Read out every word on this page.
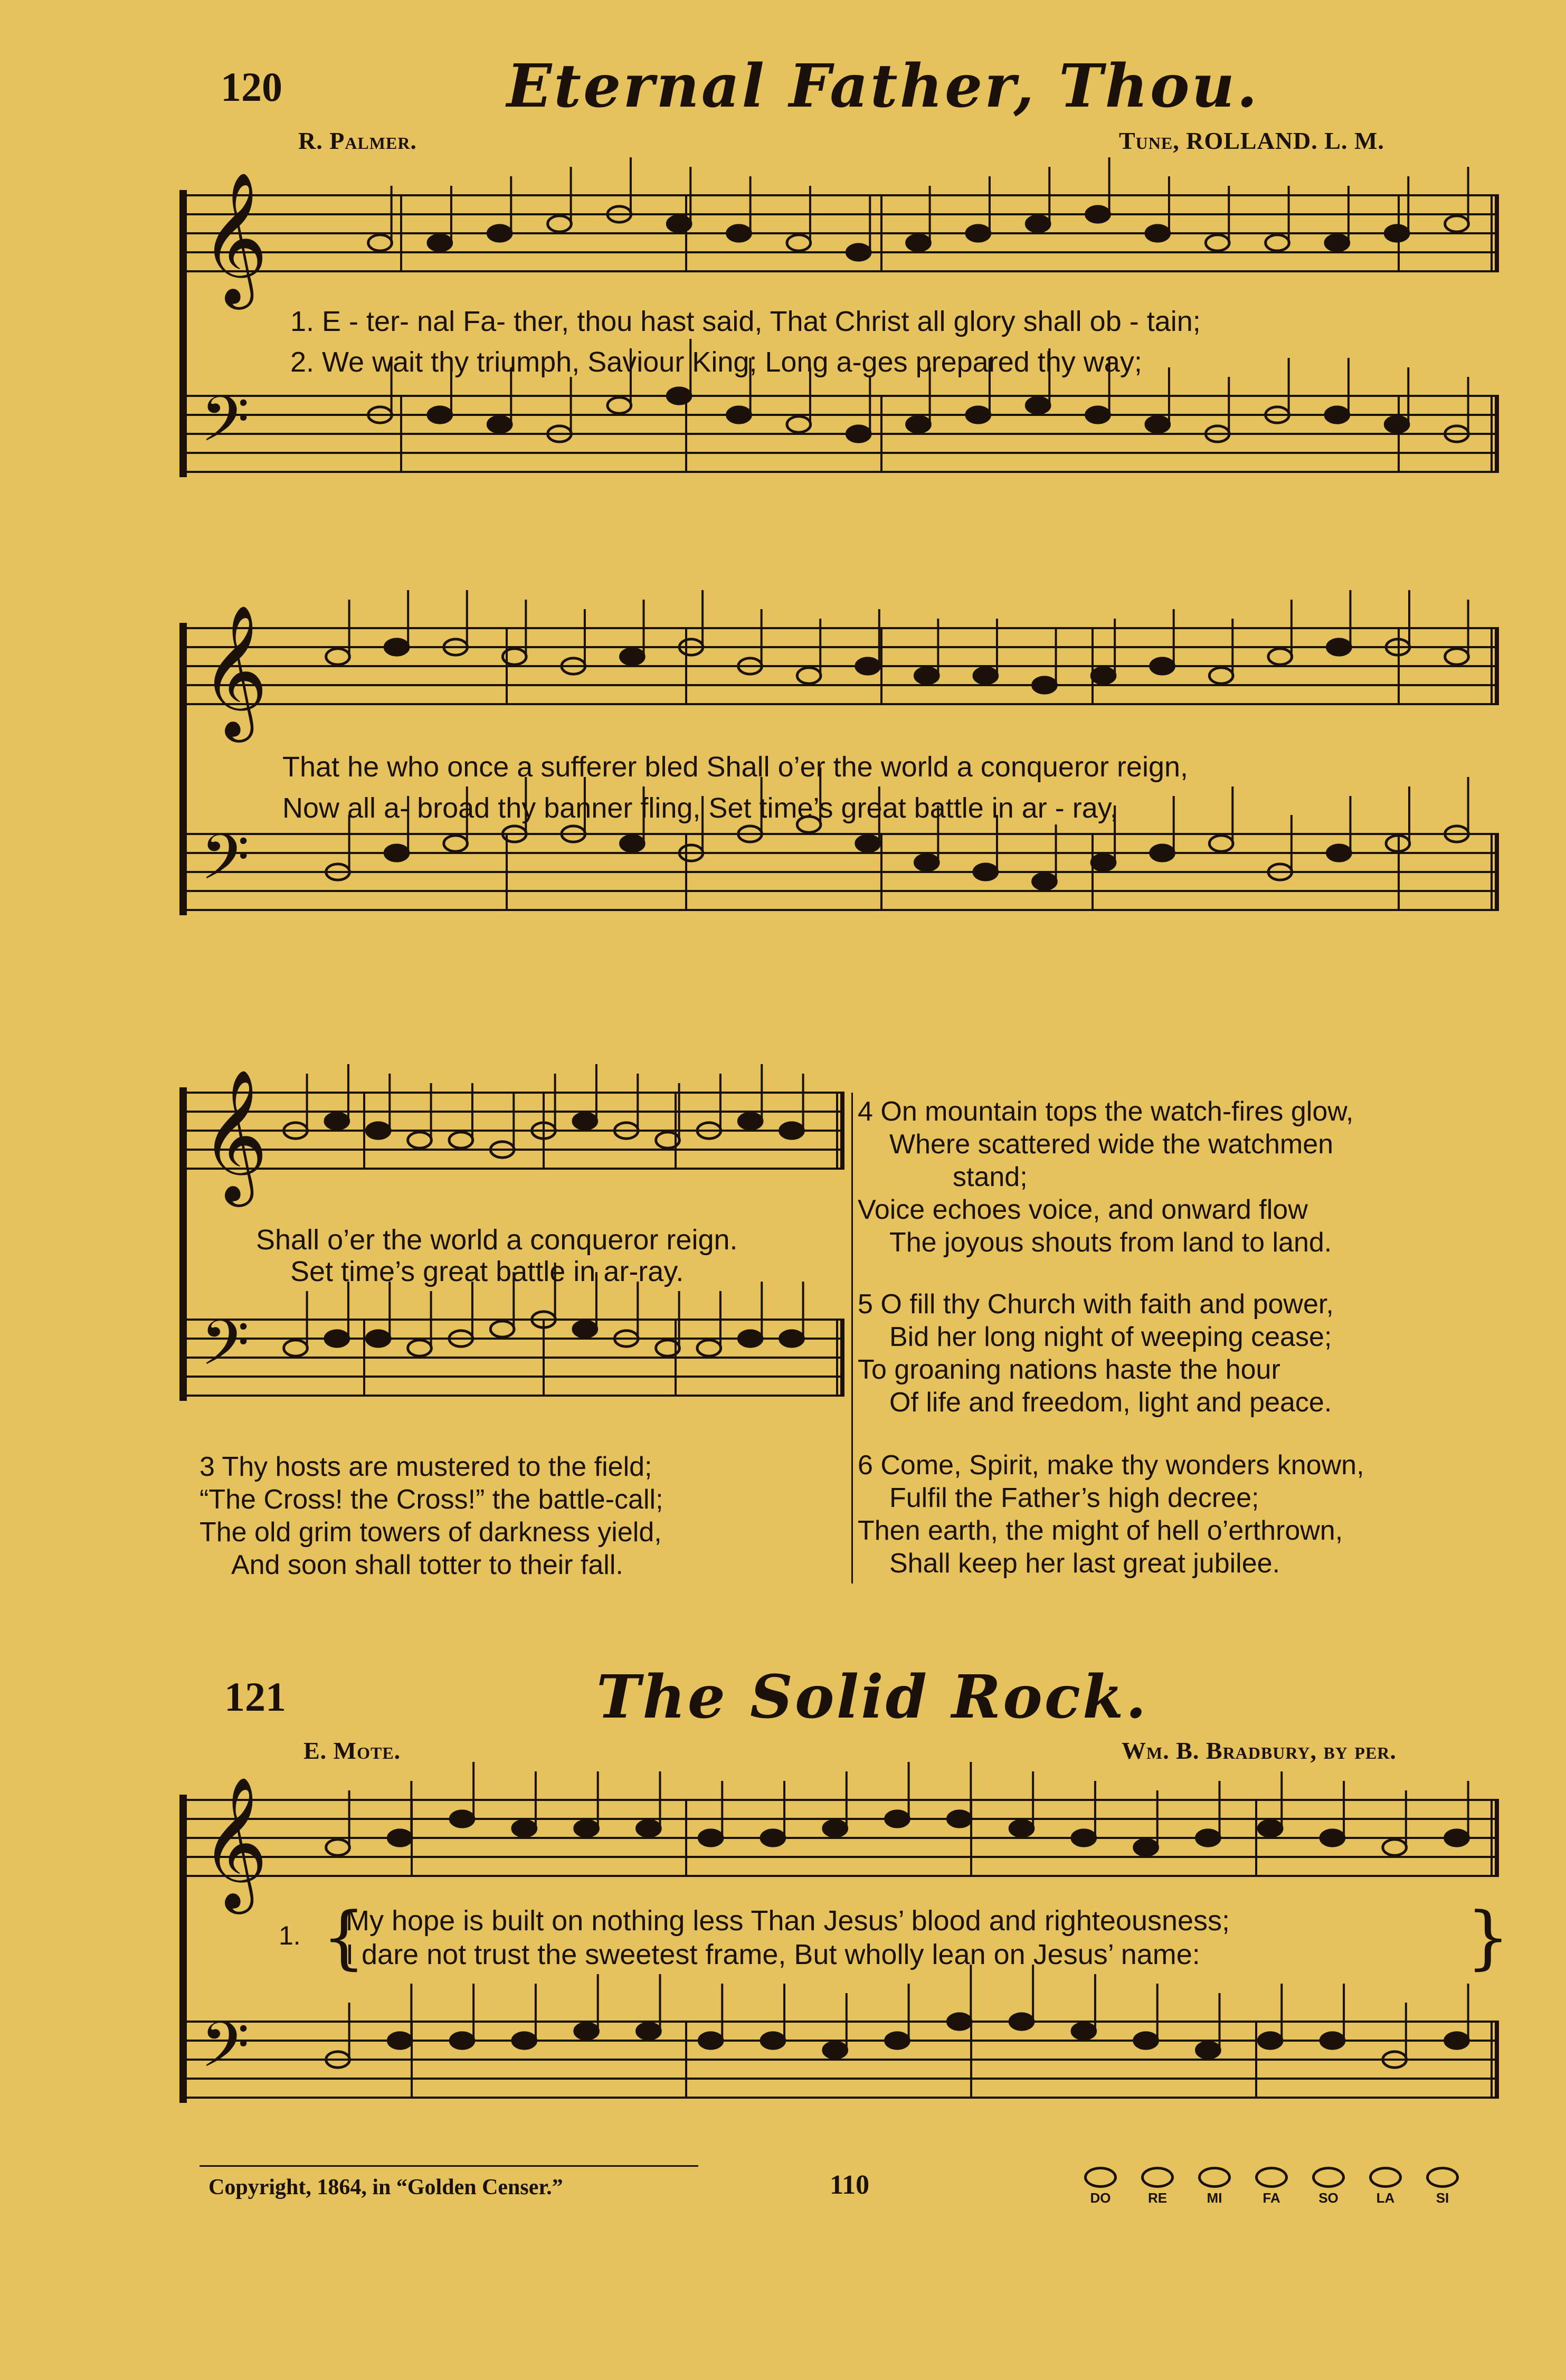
120	Eternal Father, Thou.
R. Palmer.	Tune, ROLLAND. L. M.
𝄞
𝄢
1. E - ter- nal Fa- ther, thou hast said, That Christ all glory shall ob - tain;
2. We wait thy triumph, Saviour King; Long a-ges prepared thy way;
𝄞
𝄢
That he who once a sufferer bled Shall o’er the world a conqueror reign,
Now all a- broad thy banner fling, Set time’s great battle in ar - ray,
𝄞
𝄢
Shall o’er the world a conqueror reign.
Set time’s great battle in ar-ray.
4 On mountain tops the watch-fires glow,
Where scattered wide the watchmen
stand;
Voice echoes voice, and onward flow
The joyous shouts from land to land.
5 O fill thy Church with faith and power,
Bid her long night of weeping cease;
To groaning nations haste the hour
Of life and freedom, light and peace.
6 Come, Spirit, make thy wonders known,
Fulfil the Father’s high decree;
Then earth, the might of hell o’erthrown,
Shall keep her last great jubilee.
3 Thy hosts are mustered to the field;
“The Cross! the Cross!” the battle-call;
The old grim towers of darkness yield,
And soon shall totter to their fall.
121	The Solid Rock.
E. Mote.	Wm. B. Bradbury, by per.
𝄞
𝄢
1. My hope is built on nothing less Than Jesus’ blood and righteousness;
I dare not trust the sweetest frame, But wholly lean on Jesus’ name:
{	}
Copyright, 1864, in “Golden Censer.”	110	DO	RE	MI	FA	SO	LA	SI
